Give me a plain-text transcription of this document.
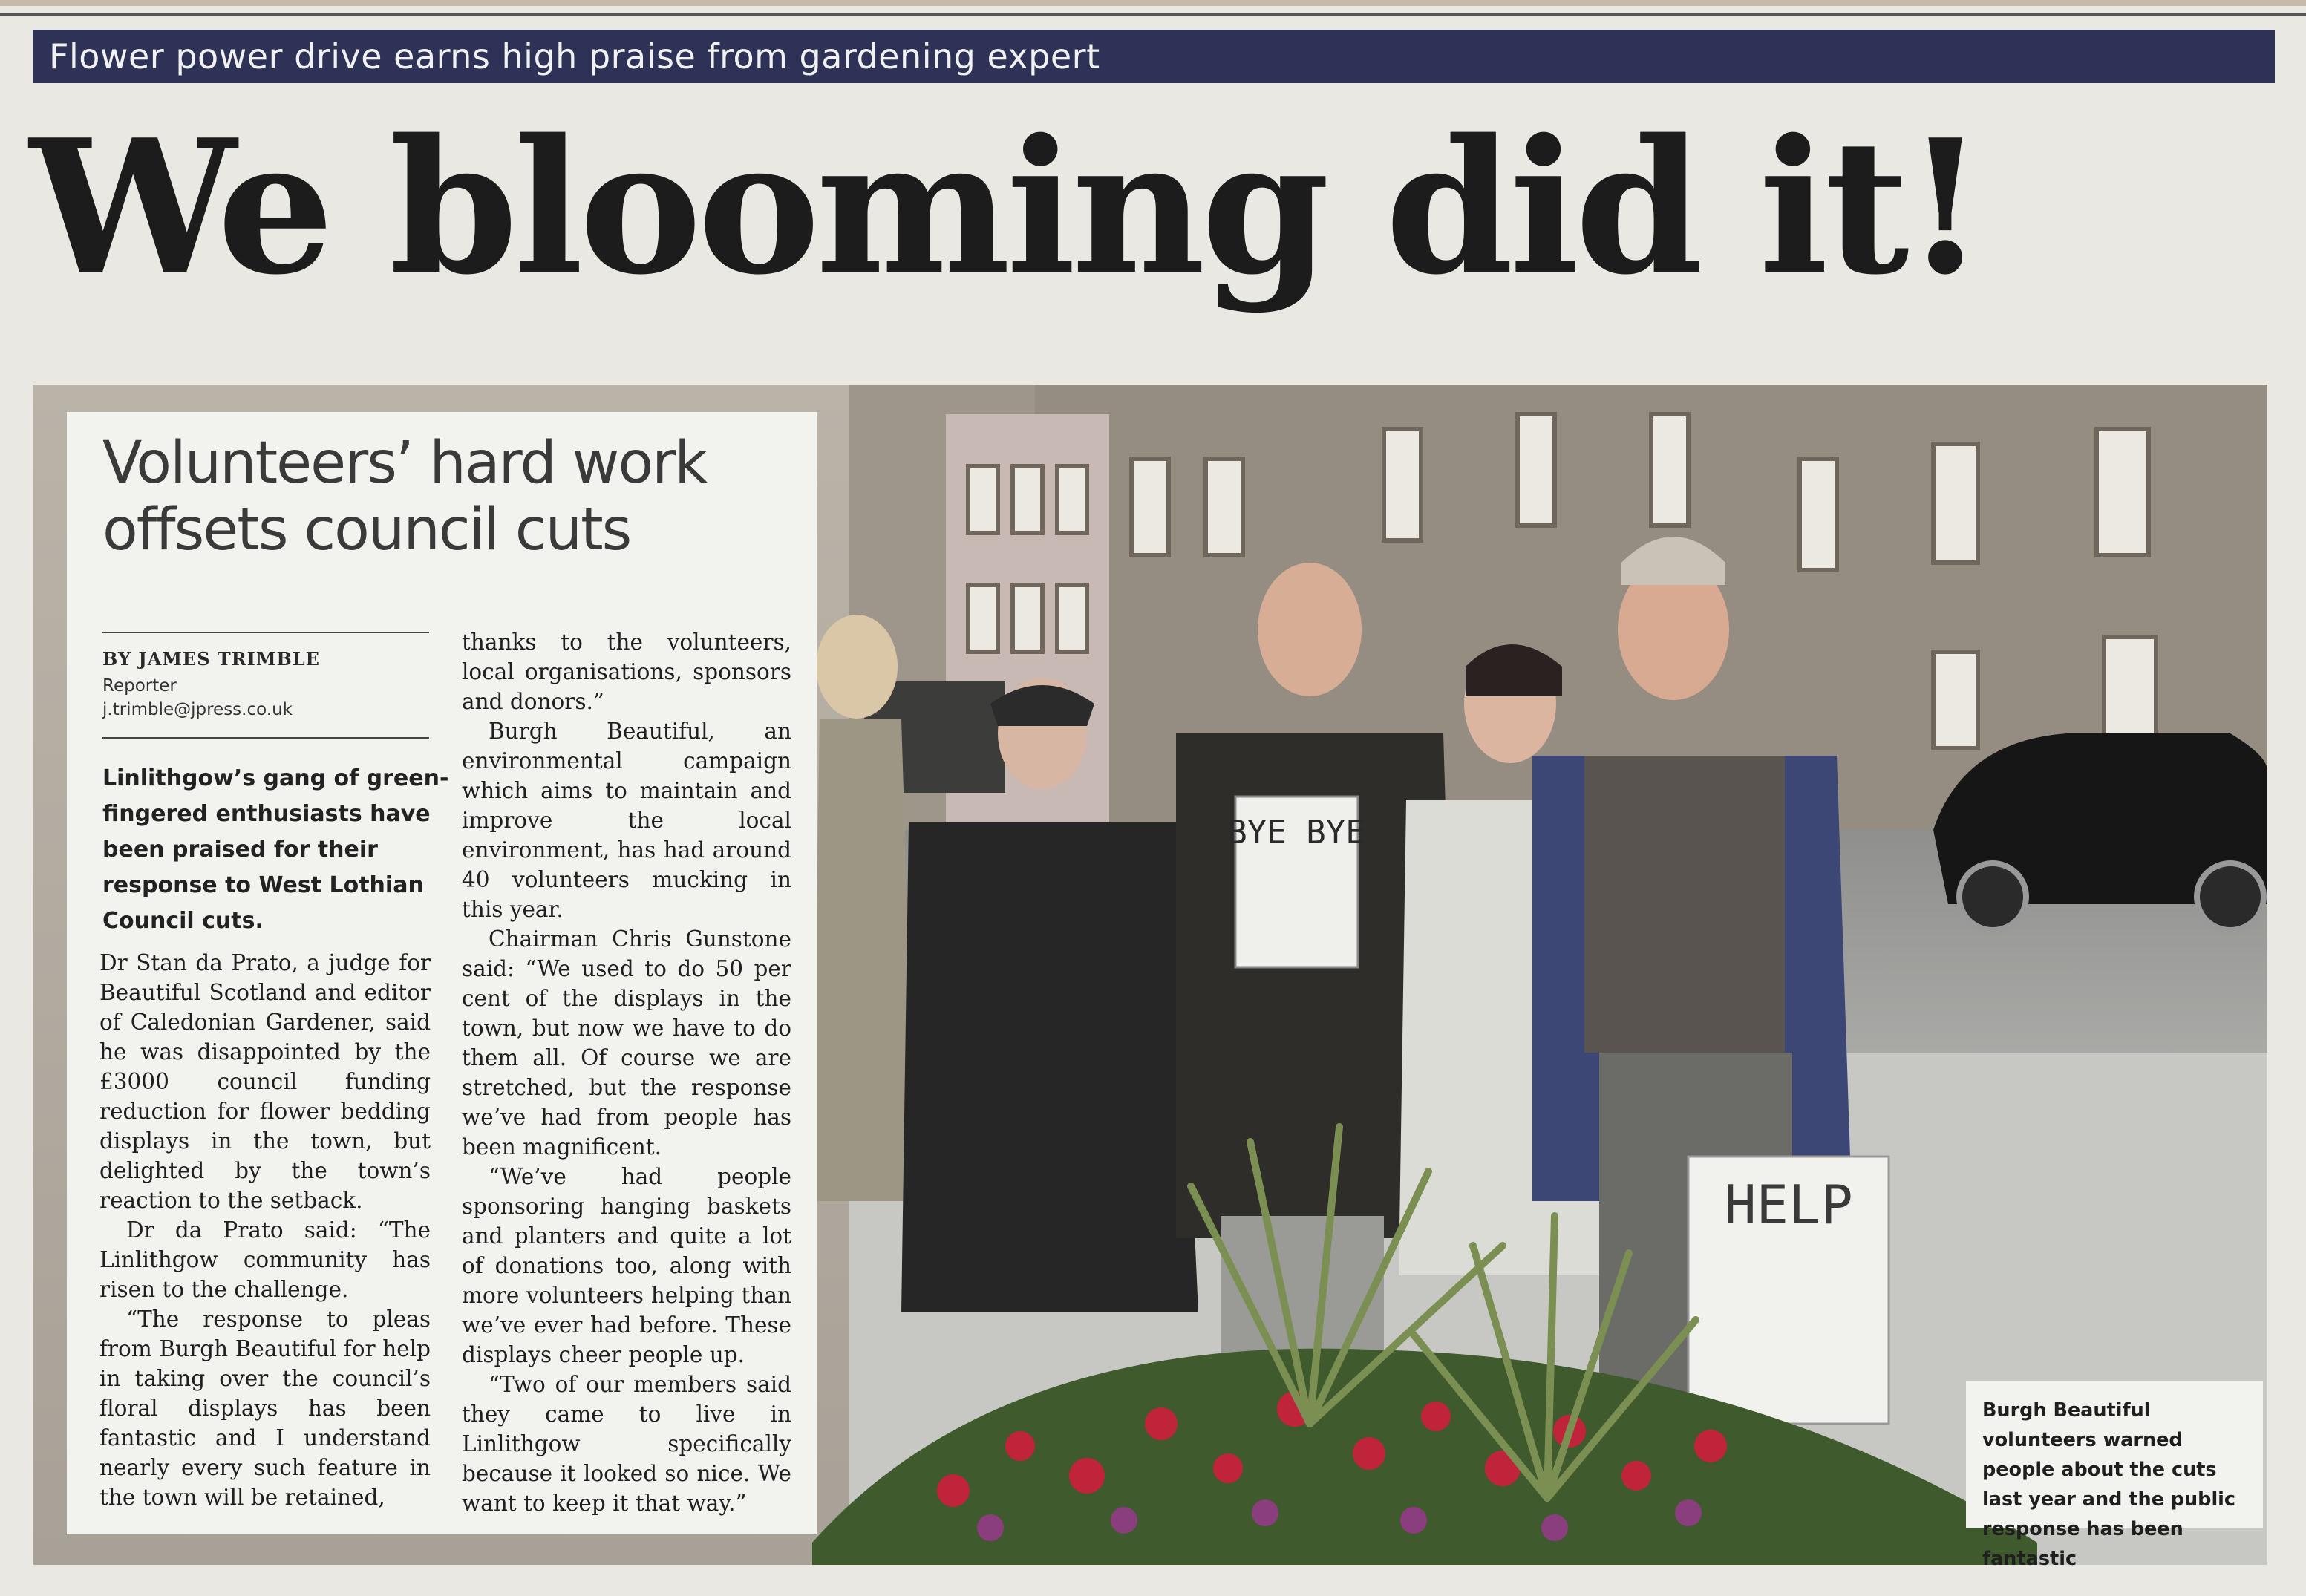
Flower power drive earns high praise from gardening expert
We blooming did it!
BYE BYE
HELP
Volunteers’ hard work offsets council cuts
BY JAMES TRIMBLE
Reporter
j.trimble@jpress.co.uk
Linlithgow’s gang of green-fingered enthusiasts have been praised for their response to West Lothian Council cuts.

Dr Stan da Prato, a judge for Beautiful Scotland and editor of Caledonian Gardener, said he was disappointed by the £3000 council funding reduction for flower bedding displays in the town, but delighted by the town’s reaction to the setback.

Dr da Prato said: “The Linlithgow community has risen to the challenge.

“The response to pleas from Burgh Beautiful for help in taking over the council’s floral displays has been fantastic and I understand nearly every such feature in the town will be retained,

thanks to the volunteers, local organisations, sponsors and donors.”

Burgh Beautiful, an environmental campaign which aims to maintain and improve the local environment, has had around 40 volunteers mucking in this year.

Chairman Chris Gunstone said: “We used to do 50 per cent of the displays in the town, but now we have to do them all. Of course we are stretched, but the response we’ve had from people has been magnificent.

“We’ve had people sponsoring hanging baskets and planters and quite a lot of donations too, along with more volunteers helping than we’ve ever had before. These displays cheer people up.

“Two of our members said they came to live in Linlithgow specifically because it looked so nice. We want to keep it that way.”

Burgh Beautiful volunteers warned people about the cuts last year and the public response has been fantastic
